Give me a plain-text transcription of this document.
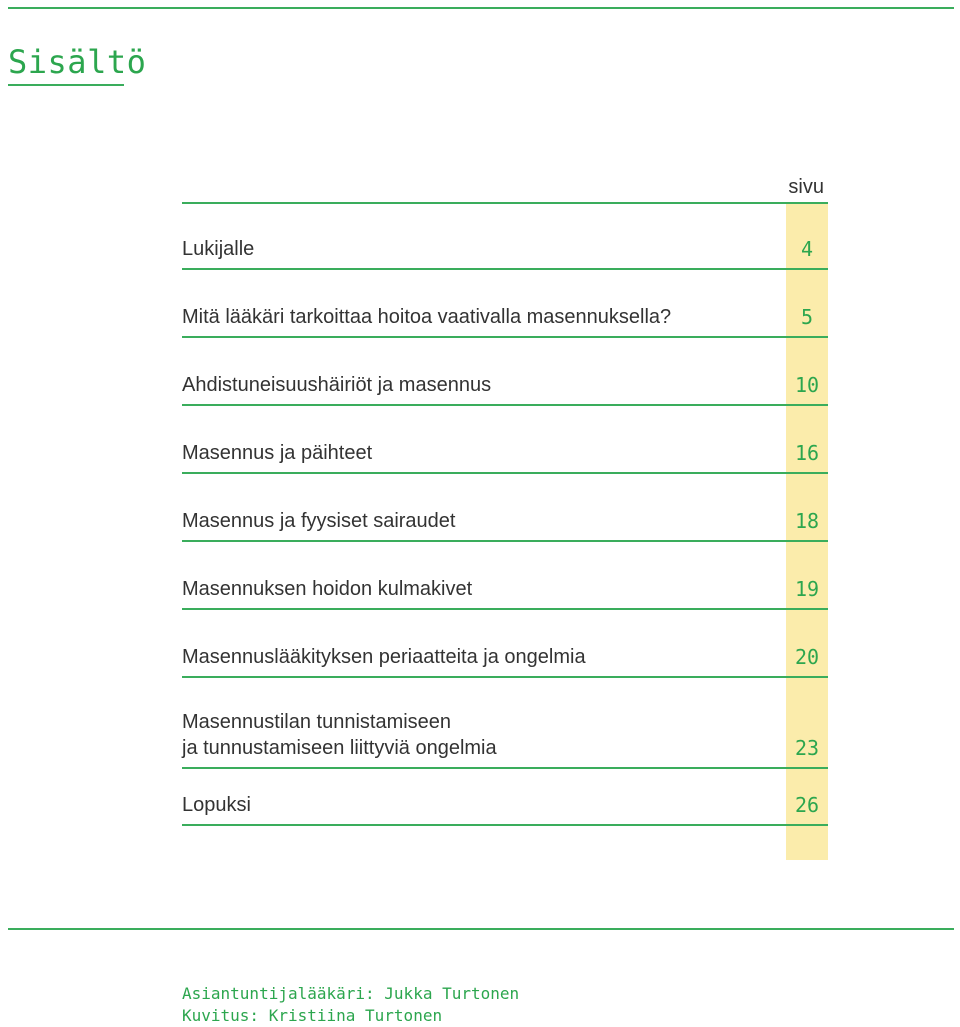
Sisältö
sivu
Lukijalle	4
Mitä lääkäri tarkoittaa hoitoa vaativalla masennuksella?	5
Ahdistuneisuushäiriöt ja masennus	10
Masennus ja päihteet	16
Masennus ja fyysiset sairaudet	18
Masennuksen hoidon kulmakivet	19
Masennuslääkityksen periaatteita ja ongelmia	20
Masennustilan tunnistamiseen
ja tunnustamiseen liittyviä ongelmia	23
Lopuksi	26
Asiantuntijalääkäri: Jukka Turtonen
Kuvitus: Kristiina Turtonen
